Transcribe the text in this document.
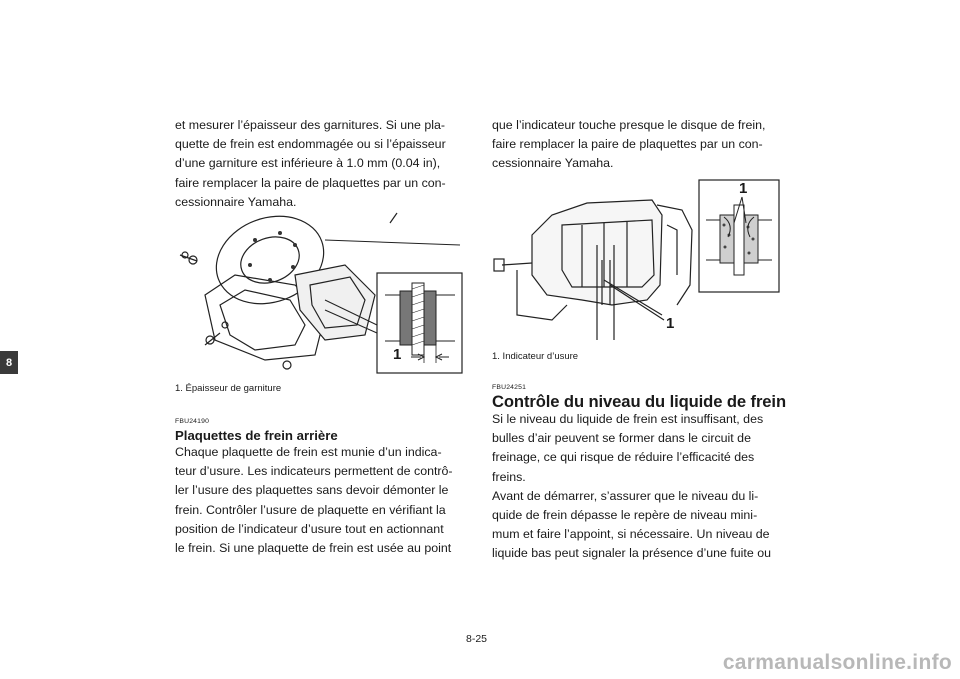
8

et mesurer l’épaisseur des garnitures. Si une pla-
quette de frein est endommagée ou si l’épaisseur
d’une garniture est inférieure à 1.0 mm (0.04 in),
faire remplacer la paire de plaquettes par un con-
cessionnaire Yamaha.

1
1. Épaisseur de garniture
FBU24190
Plaquettes de frein arrière

Chaque plaquette de frein est munie d’un indica-
teur d’usure. Les indicateurs permettent de contrô-
ler l’usure des plaquettes sans devoir démonter le
frein. Contrôler l’usure de plaquette en vérifiant la
position de l’indicateur d’usure tout en actionnant
le frein. Si une plaquette de frein est usée au point

que l’indicateur touche presque le disque de frein,
faire remplacer la paire de plaquettes par un con-
cessionnaire Yamaha.

1
1
1. Indicateur d’usure
FBU24251
Contrôle du niveau du liquide de frein

Si le niveau du liquide de frein est insuffisant, des
bulles d’air peuvent se former dans le circuit de
freinage, ce qui risque de réduire l’efficacité des
freins.
Avant de démarrer, s’assurer que le niveau du li-
quide de frein dépasse le repère de niveau mini-
mum et faire l’appoint, si nécessaire. Un niveau de
liquide bas peut signaler la présence d’une fuite ou

8-25
carmanualsonline.info
